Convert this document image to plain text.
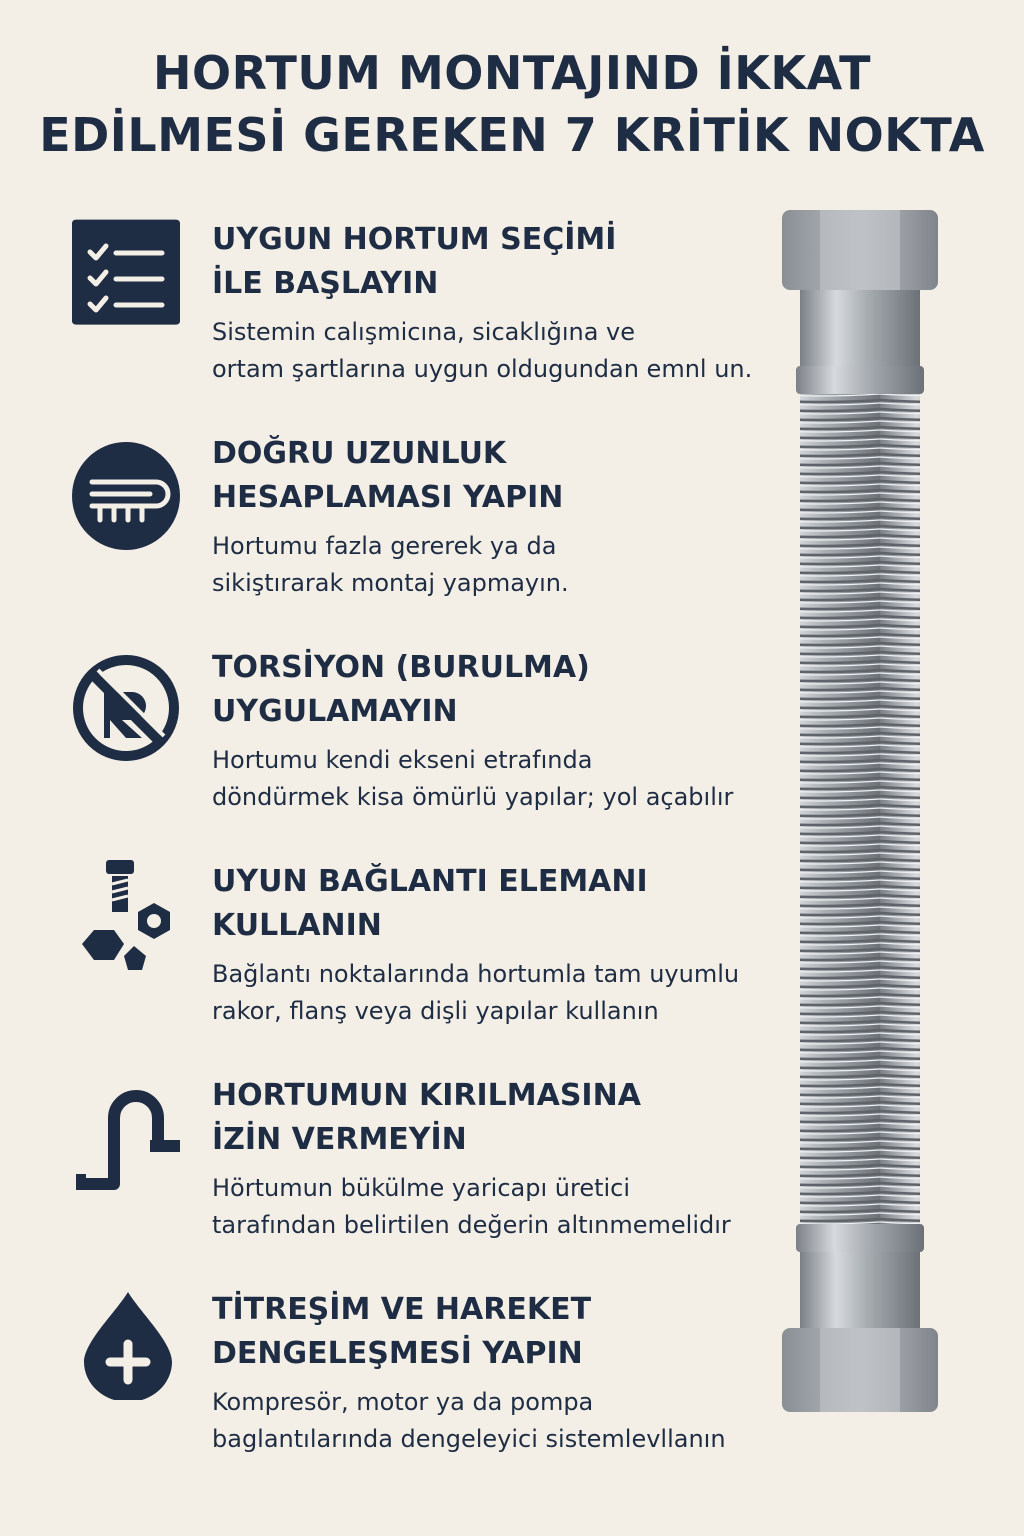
HORTUM MONTAJIND İKKAT
EDİLMESİ GEREKEN 7 KRİTİK NOKTA
UYGUN HORTUM SEÇİMİ
İLE BAŞLAYIN

Sistemin calışmicına, sicaklığına ve
ortam şartlarına uygun oldugundan emnl un.

DOĞRU UZUNLUK
HESAPLAMASI YAPIN

Hortumu fazla gererek ya da
sikiştırarak montaj yapmayın.

TORSİYON (BURULMA)
UYGULAMAYIN

Hortumu kendi ekseni etrafında
döndürmek kisa ömürlü yapılar; yol açabılır

UYUN BAĞLANTI ELEMANI
KULLANIN

Bağlantı noktalarında hortumla tam uyumlu
rakor, flanş veya dişli yapılar kullanın

HORTUMUN KIRILMASINA
İZİN VERMEYİN

Hörtumun bükülme yaricapı üretici
tarafından belirtilen değerin altınmemelidır

TİTREŞİM VE HAREKET
DENGELEŞMESİ YAPIN

Kompresör, motor ya da pompa
baglantılarında dengeleyici sistemlevllanın
